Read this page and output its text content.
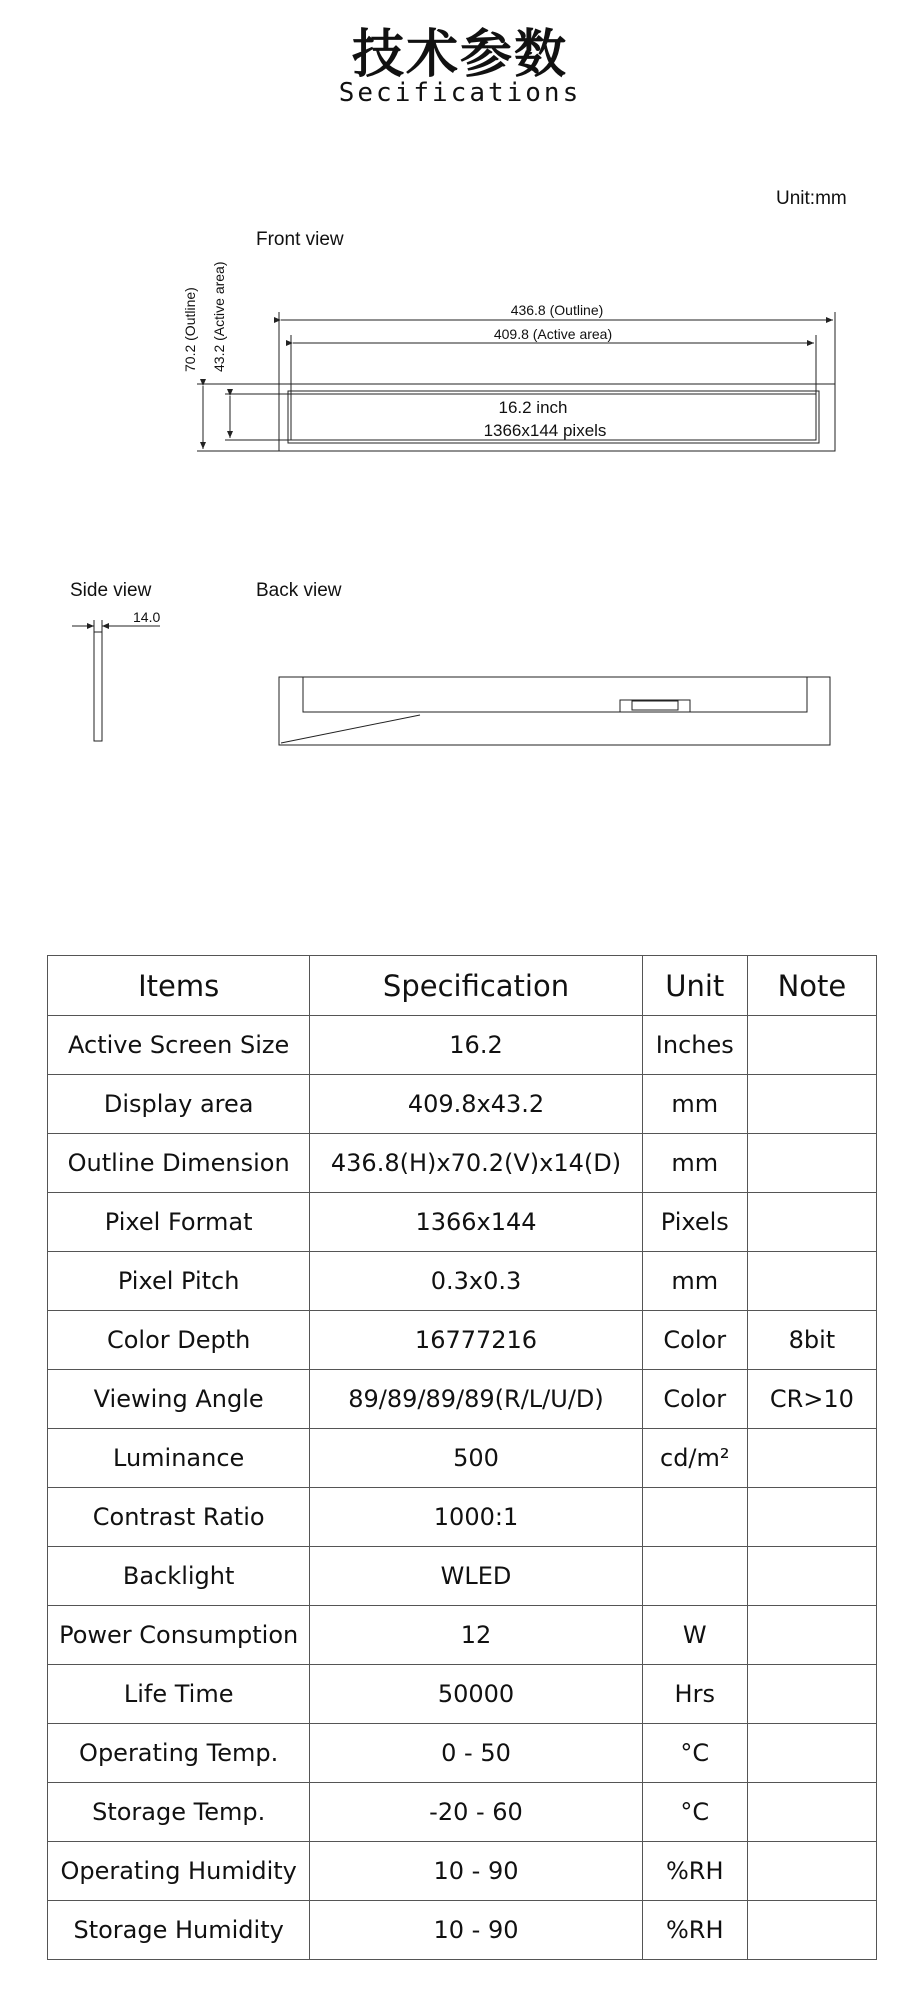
技术参数
Secifications
Unit:mm
Front view
Side view	Back view
436.8 (Outline)
409.8 (Active area)
70.2 (Outline) 43.2 (Active area)
16.2 inch
1366x144 pixels
14.0
Items	Specification	Unit	Note
Active Screen Size	16.2	Inches	
Display area	409.8x43.2	mm	
Outline Dimension	436.8(H)x70.2(V)x14(D)	mm	
Pixel Format	1366x144	Pixels	
Pixel Pitch	0.3x0.3	mm	
Color Depth	16777216	Color	8bit
Viewing Angle	89/89/89/89(R/L/U/D)	Color	CR>10
Luminance	500	cd/m²	
Contrast Ratio	1000:1		
Backlight	WLED		
Power Consumption	12	W	
Life Time	50000	Hrs	
Operating Temp.	0 - 50	°C	
Storage Temp.	-20 - 60	°C	
Operating Humidity	10 - 90	%RH	
Storage Humidity	10 - 90	%RH	
